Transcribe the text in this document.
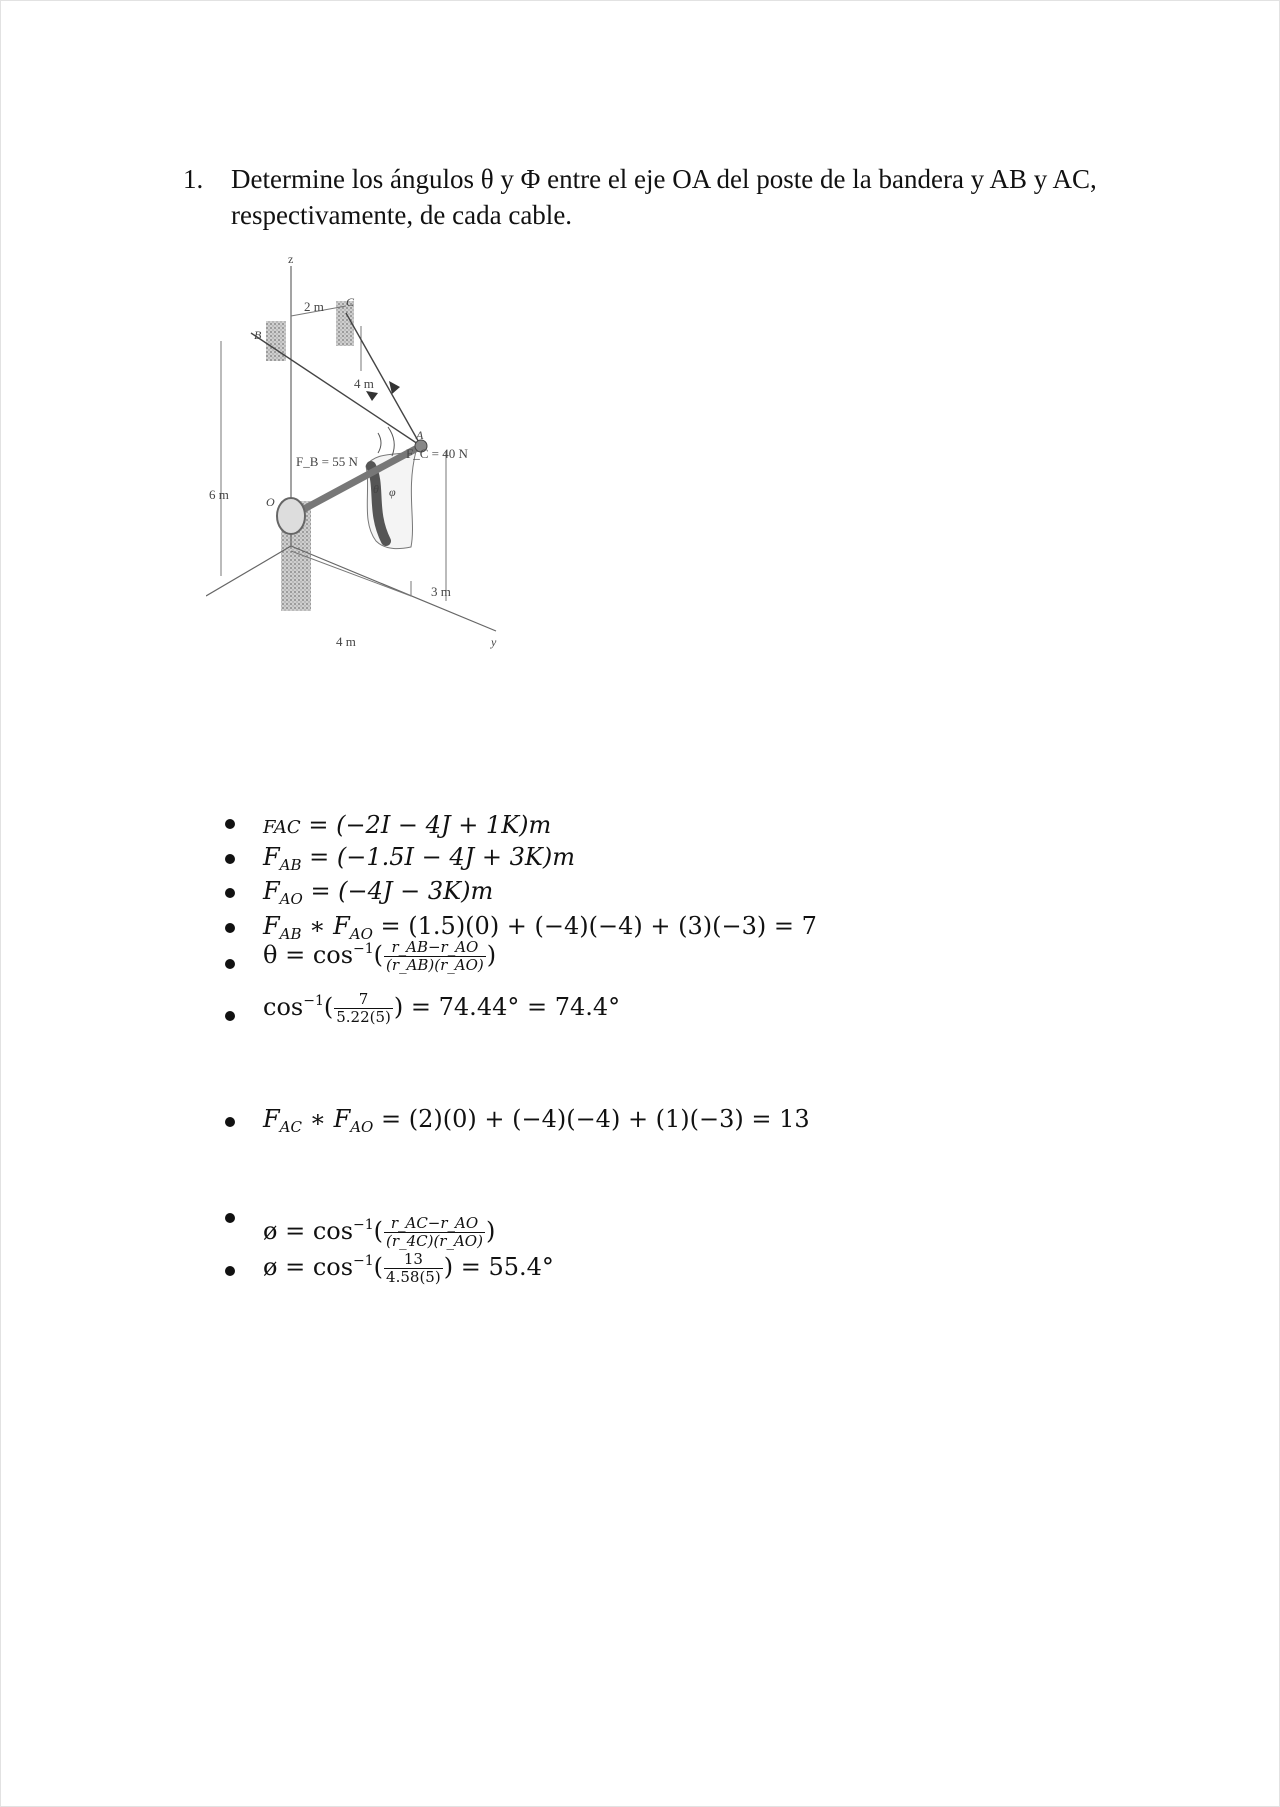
1. Determine los ángulos θ y Φ entre el eje OA del poste de la bandera y AB y AC, respectivamente, de cada cable.
z
y
B
C
A
O
2 m
4 m
6 m
3 m
4 m
F_B = 55 N
F_C = 40 N
θ φ
FAC = (−2I − 4J + 1K)m
$F_{AB} = (-1.5I - 4J + 3K)m$
$F_{AO} = (-4J - 3K)m$
$F_{AB}$ ∗ $F_{AO} = (1.5)(0) + (-4)(-4) + (3)(-3) = 7$
$\theta = \cos^{-1}( \frac{r\_AB-r\_AO}{(r\_AB)(r\_AO)}$ )
$\cos^{-1}( \frac{7}{5.22(5)}$ ) = 74.44° = 74.4°
$F_{AC}$ ∗ $F_{AO} = (2)(0) + (-4)(-4) + (1)(-3) = 13$
ø = $\cos^{-1}( \frac{r\_AC-r\_AO}{(r\_4C)(r\_AO)}$ )
ø = $\cos^{-1}( \frac{13}{4.58(5)}$ ) = 55.4°
